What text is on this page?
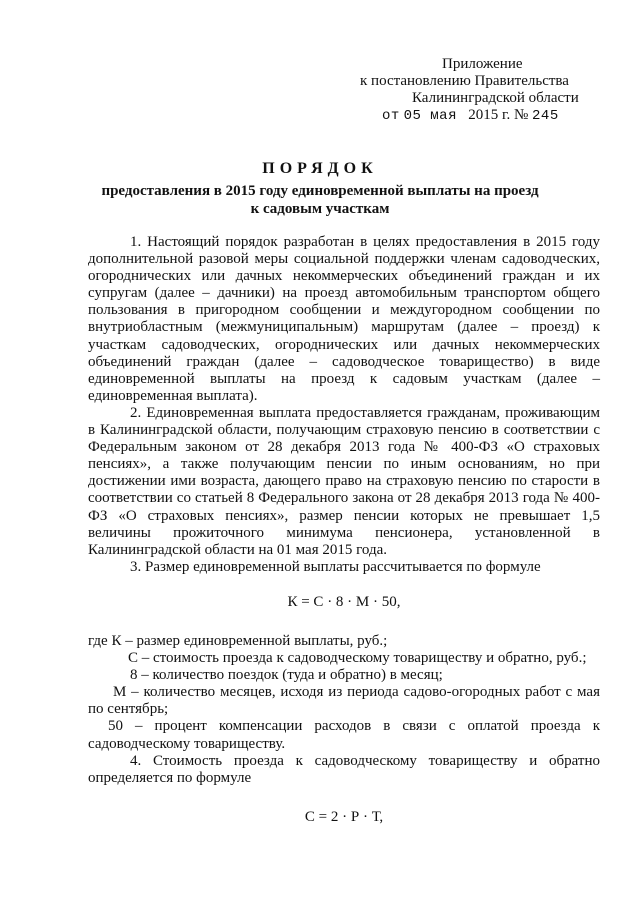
Приложение
к постановлению Правительства
Калининградской области
от 05 мая 2015 г. № 245
ПОРЯДОК
предоставления в 2015 году единовременной выплаты на проезд
к садовым участкам

1. Настоящий порядок разработан в целях предоставления в 2015 году дополнительной разовой меры социальной поддержки членам садоводческих, огороднических или дачных некоммерческих объединений граждан и их супругам (далее – дачники) на проезд автомобильным транспортом общего пользования в пригородном сообщении и междугородном сообщении по внутриобластным (межмуниципальным) маршрутам (далее – проезд) к участкам садоводческих, огороднических или дачных некоммерческих объединений граждан (далее – садоводческое товарищество) в виде единовременной выплаты на проезд к садовым участкам (далее – единовременная выплата).

2. Единовременная выплата предоставляется гражданам, проживающим в Калининградской области, получающим страховую пенсию в соответствии с Федеральным законом от 28 декабря 2013 года № 400-ФЗ «О страховых пенсиях», а также получающим пенсии по иным основаниям, но при достижении ими возраста, дающего право на страховую пенсию по старости в соответствии со статьей 8 Федерального закона от 28 декабря 2013 года № 400-ФЗ «О страховых пенсиях», размер пенсии которых не превышает 1,5 величины прожиточного минимума пенсионера, установленной в Калининградской области на 01 мая 2015 года.

3. Размер единовременной выплаты рассчитывается по формуле

К = С · 8 · М · 50,

где К – размер единовременной выплаты, руб.;

С – стоимость проезда к садоводческому товариществу и обратно, руб.;

8 – количество поездок (туда и обратно) в месяц;

М – количество месяцев, исходя из периода садово-огородных работ с мая по сентябрь;

50 – процент компенсации расходов в связи с оплатой проезда к садоводческому товариществу.

4. Стоимость проезда к садоводческому товариществу и обратно определяется по формуле

С = 2 · Р · Т,
